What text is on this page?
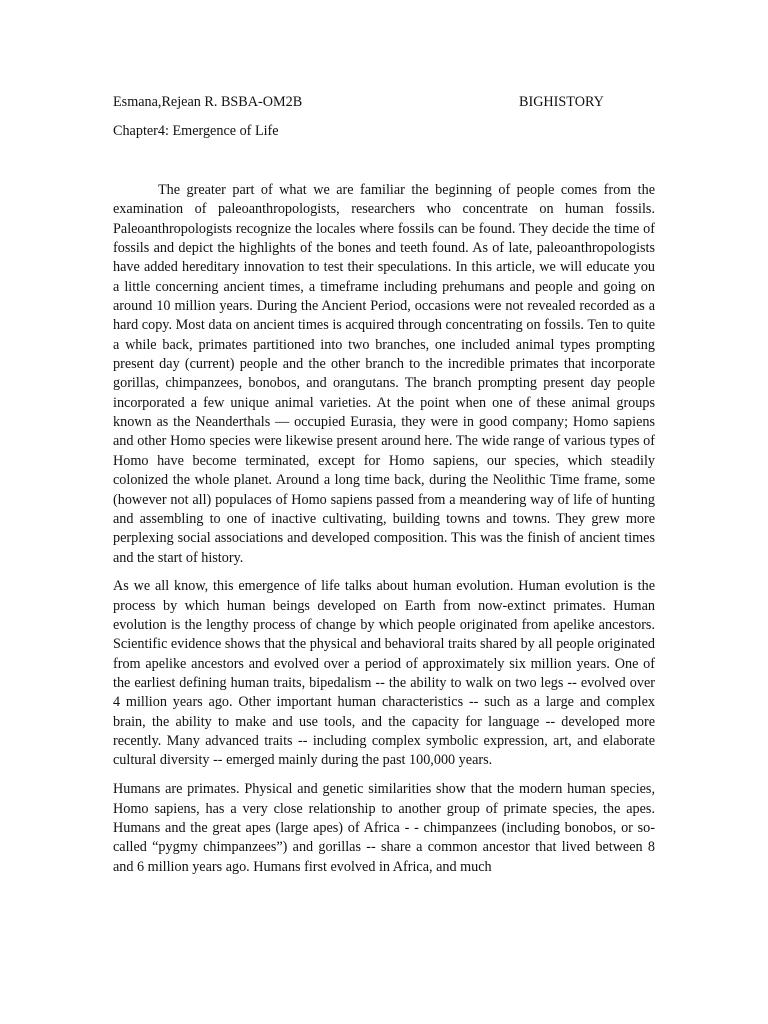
Esmana,Rejean R. BSBA-OM2B	BIGHISTORY
Chapter4: Emergence of Life

The greater part of what we are familiar the beginning of people comes from the examination of paleoanthropologists, researchers who concentrate on human fossils. Paleoanthropologists recognize the locales where fossils can be found. They decide the time of fossils and depict the highlights of the bones and teeth found. As of late, paleoanthropologists have added hereditary innovation to test their speculations. In this article, we will educate you a little concerning ancient times, a timeframe including prehumans and people and going on around 10 million years. During the Ancient Period, occasions were not revealed recorded as a hard copy. Most data on ancient times is acquired through concentrating on fossils. Ten to quite a while back, primates partitioned into two branches, one included animal types prompting present day (current) people and the other branch to the incredible primates that incorporate gorillas, chimpanzees, bonobos, and orangutans. The branch prompting present day people incorporated a few unique animal varieties. At the point when one of these animal groups known as the Neanderthals — occupied Eurasia, they were in good company; Homo sapiens and other Homo species were likewise present around here. The wide range of various types of Homo have become terminated, except for Homo sapiens, our species, which steadily colonized the whole planet. Around a long time back, during the Neolithic Time frame, some (however not all) populaces of Homo sapiens passed from a meandering way of life of hunting and assembling to one of inactive cultivating, building towns and towns. They grew more perplexing social associations and developed composition. This was the finish of ancient times and the start of history.

As we all know, this emergence of life talks about human evolution. Human evolution is the process by which human beings developed on Earth from now-extinct primates. Human evolution is the lengthy process of change by which people originated from apelike ancestors. Scientific evidence shows that the physical and behavioral traits shared by all people originated from apelike ancestors and evolved over a period of approximately six million years. One of the earliest defining human traits, bipedalism -- the ability to walk on two legs -- evolved over 4 million years ago. Other important human characteristics -- such as a large and complex brain, the ability to make and use tools, and the capacity for language -- developed more recently. Many advanced traits -- including complex symbolic expression, art, and elaborate cultural diversity -- emerged mainly during the past 100,000 years.

Humans are primates. Physical and genetic similarities show that the modern human species, Homo sapiens, has a very close relationship to another group of primate species, the apes. Humans and the great apes (large apes) of Africa - - chimpanzees (including bonobos, or so-called “pygmy chimpanzees”) and gorillas -- share a common ancestor that lived between 8 and 6 million years ago. Humans first evolved in Africa, and much
